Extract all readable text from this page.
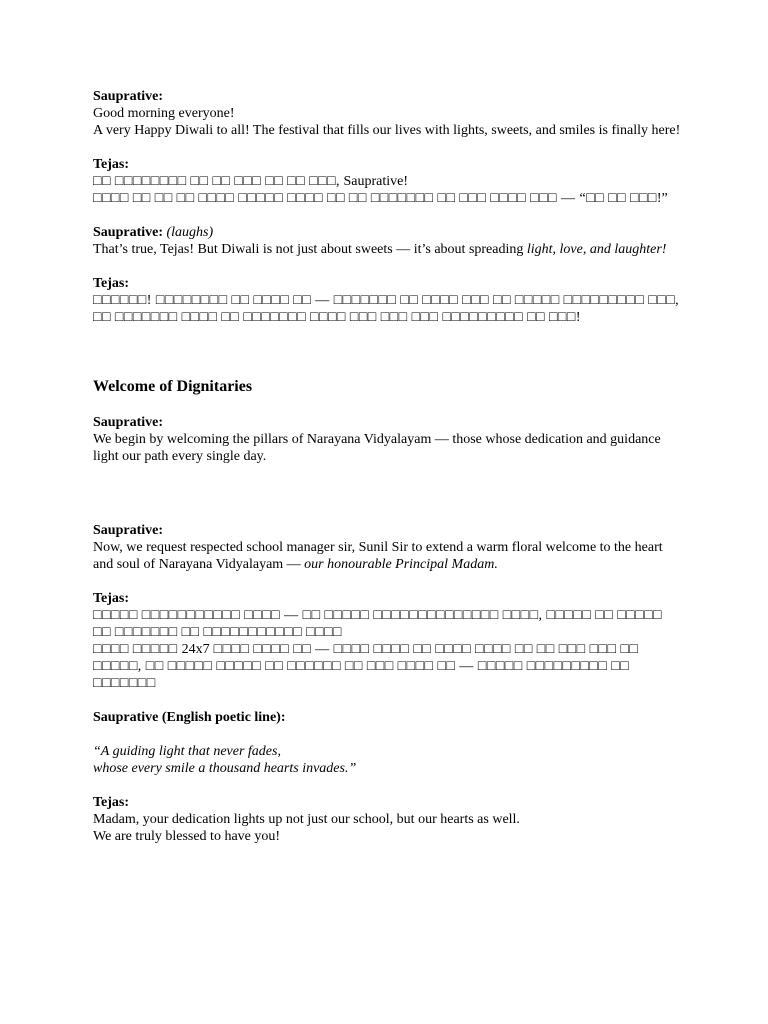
Sauprative:
Good morning everyone!
A very Happy Diwali to all! The festival that fills our lives with lights, sweets, and smiles is finally here!
Tejas:
□□ □□□□□□□□ □□ □□ □□□ □□ □□ □□□, Sauprative!
□□□□ □□ □□ □□ □□□□ □□□□□ □□□□ □□ □□ □□□□□□□ □□ □□□ □□□□ □□□ — “□□ □□ □□□!”
Sauprative: (laughs)
That’s true, Tejas! But Diwali is not just about sweets — it’s about spreading light, love, and laughter!
Tejas:
□□□□□□! □□□□□□□□ □□ □□□□ □□ — □□□□□□□ □□ □□□□ □□□ □□ □□□□□ □□□□□□□□□ □□□, □□ □□□□□□□ □□□□ □□ □□□□□□□ □□□□ □□□ □□□ □□□ □□□□□□□□□ □□ □□□!
Welcome of Dignitaries
Sauprative:
We begin by welcoming the pillars of Narayana Vidyalayam — those whose dedication and guidance light our path every single day.
Sauprative:
Now, we request respected school manager sir, Sunil Sir to extend a warm floral welcome to the heart and soul of Narayana Vidyalayam — our honourable Principal Madam.
Tejas:
□□□□□ □□□□□□□□□□□ □□□□ — □□ □□□□□ □□□□□□□□□□□□□□ □□□□, □□□□□ □□ □□□□□ □□ □□□□□□□ □□ □□□□□□□□□□□ □□□□
□□□□ □□□□□ 24x7 □□□□ □□□□ □□ — □□□□ □□□□ □□ □□□□ □□□□ □□ □□ □□□ □□□ □□ □□□□□, □□ □□□□□ □□□□□ □□ □□□□□□ □□ □□□ □□□□ □□ — □□□□□ □□□□□□□□□ □□ □□□□□□□
Sauprative (English poetic line):
“A guiding light that never fades,
whose every smile a thousand hearts invades.”
Tejas:
Madam, your dedication lights up not just our school, but our hearts as well.
We are truly blessed to have you!
